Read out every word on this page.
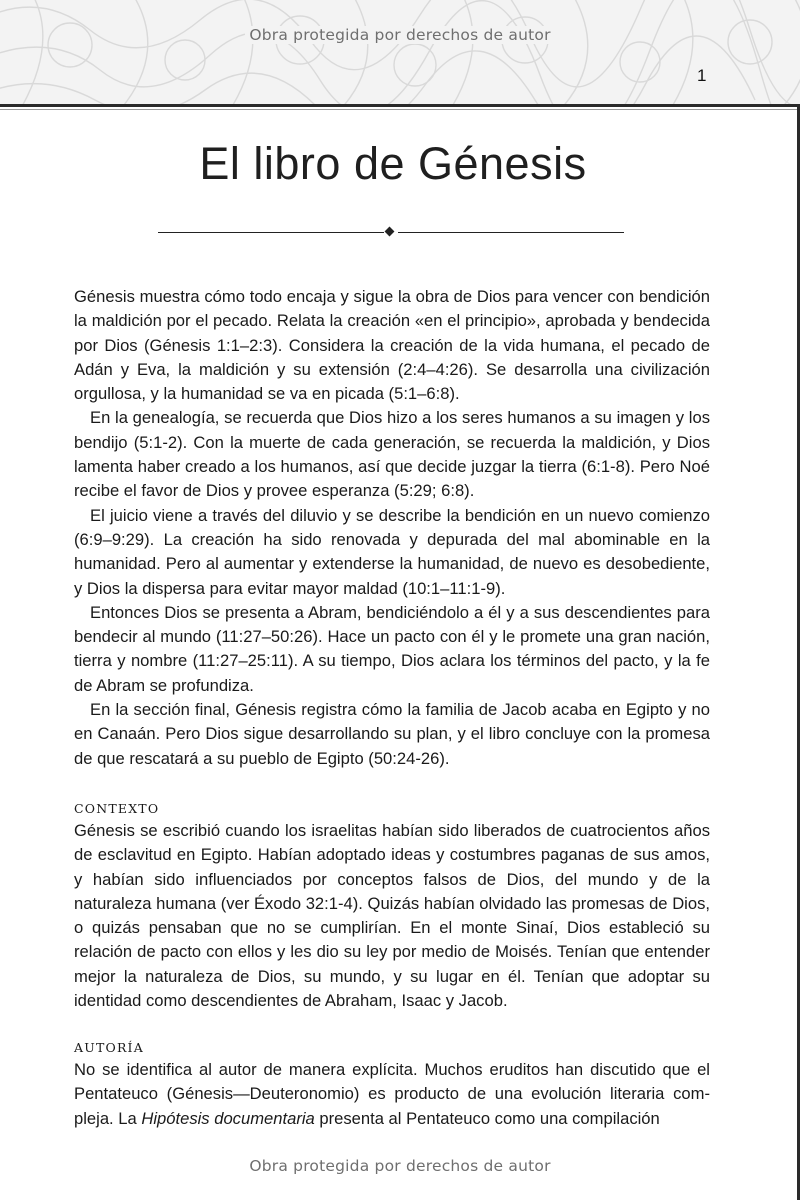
Obra protegida por derechos de autor
1
El libro de Génesis

Génesis muestra cómo todo encaja y sigue la obra de Dios para vencer con bendición la maldición por el pecado. Relata la creación «en el principio», aprobada y bendecida por Dios (Génesis 1:1–2:3). Considera la creación de la vida humana, el pecado de Adán y Eva, la maldición y su extensión (2:4–4:26). Se desarrolla una civilización orgullosa, y la humanidad se va en picada (5:1–6:8).

En la genealogía, se recuerda que Dios hizo a los seres humanos a su imagen y los bendijo (5:1-2). Con la muerte de cada generación, se recuerda la maldición, y Dios lamenta haber creado a los humanos, así que decide juzgar la tierra (6:1-8). Pero Noé recibe el favor de Dios y provee esperanza (5:29; 6:8).

El juicio viene a través del diluvio y se describe la bendición en un nuevo comienzo (6:9–9:29). La creación ha sido renovada y depurada del mal abominable en la humanidad. Pero al aumentar y extenderse la humanidad, de nuevo es desobediente, y Dios la dispersa para evitar mayor maldad (10:1–11:1-9).

Entonces Dios se presenta a Abram, bendiciéndolo a él y a sus descendientes para bendecir al mundo (11:27–50:26). Hace un pacto con él y le promete una gran nación, tierra y nombre (11:27–25:11). A su tiempo, Dios aclara los términos del pacto, y la fe de Abram se profundiza.

En la sección final, Génesis registra cómo la familia de Jacob acaba en Egipto y no en Canaán. Pero Dios sigue desarrollando su plan, y el libro concluye con la promesa de que rescatará a su pueblo de Egipto (50:24-26).

CONTEXTO

Génesis se escribió cuando los israelitas habían sido liberados de cuatrocientos años de esclavitud en Egipto. Habían adoptado ideas y costumbres paganas de sus amos, y habían sido influenciados por conceptos falsos de Dios, del mundo y de la naturaleza humana (ver Éxodo 32:1-4). Quizás habían olvidado las promesas de Dios, o quizás pensaban que no se cumplirían. En el monte Sinaí, Dios estableció su relación de pacto con ellos y les dio su ley por medio de Moisés. Tenían que entender mejor la naturaleza de Dios, su mundo, y su lugar en él. Tenían que adoptar su identidad como descendientes de Abraham, Isaac y Jacob.

AUTORÍA

No se identifica al autor de manera explícita. Muchos eruditos han discutido que el Pentateuco (Génesis—Deuteronomio) es producto de una evolución literaria compleja. La Hipótesis documentaria presenta al Pentateuco como una compilación

Obra protegida por derechos de autor
